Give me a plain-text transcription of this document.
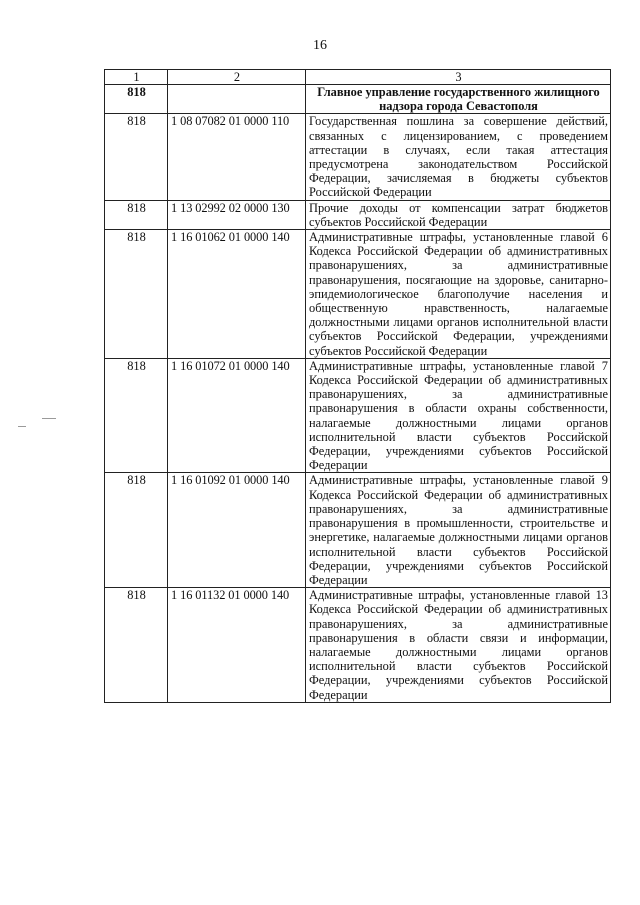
16
1	2	3
818		Главное управление государственного жилищного надзора города Севастополя

818	1 08 07082 01 0000 110	Государственная пошлина за совершение действий, связанных с лицензированием, с проведением аттестации в случаях, если такая аттестация предусмотрена законодательством Российской Федерации, зачисляемая в бюджеты субъектов Российской Федерации
818	1 13 02992 02 0000 130	Прочие доходы от компенсации затрат бюджетов субъектов Российской Федерации
818	1 16 01062 01 0000 140	Административные штрафы, установленные главой 6 Кодекса Российской Федерации об административных правонарушениях, за административные правонарушения, посягающие на здоровье, санитарно-эпидемиологическое благополучие населения и общественную нравственность, налагаемые должностными лицами органов исполнительной власти субъектов Российской Федерации, учреждениями субъектов Российской Федерации
818	1 16 01072 01 0000 140	Административные штрафы, установленные главой 7 Кодекса Российской Федерации об административных правонарушениях, за административные правонарушения в области охраны собственности, налагаемые должностными лицами органов исполнительной власти субъектов Российской Федерации, учреждениями субъектов Российской Федерации
818	1 16 01092 01 0000 140	Административные штрафы, установленные главой 9 Кодекса Российской Федерации об административных правонарушениях, за административные правонарушения в промышленности, строительстве и энергетике, налагаемые должностными лицами органов исполнительной власти субъектов Российской Федерации, учреждениями субъектов Российской Федерации
818	1 16 01132 01 0000 140	Административные штрафы, установленные главой 13 Кодекса Российской Федерации об административных правонарушениях, за административные правонарушения в области связи и информации, налагаемые должностными лицами органов исполнительной власти субъектов Российской Федерации, учреждениями субъектов Российской Федерации
